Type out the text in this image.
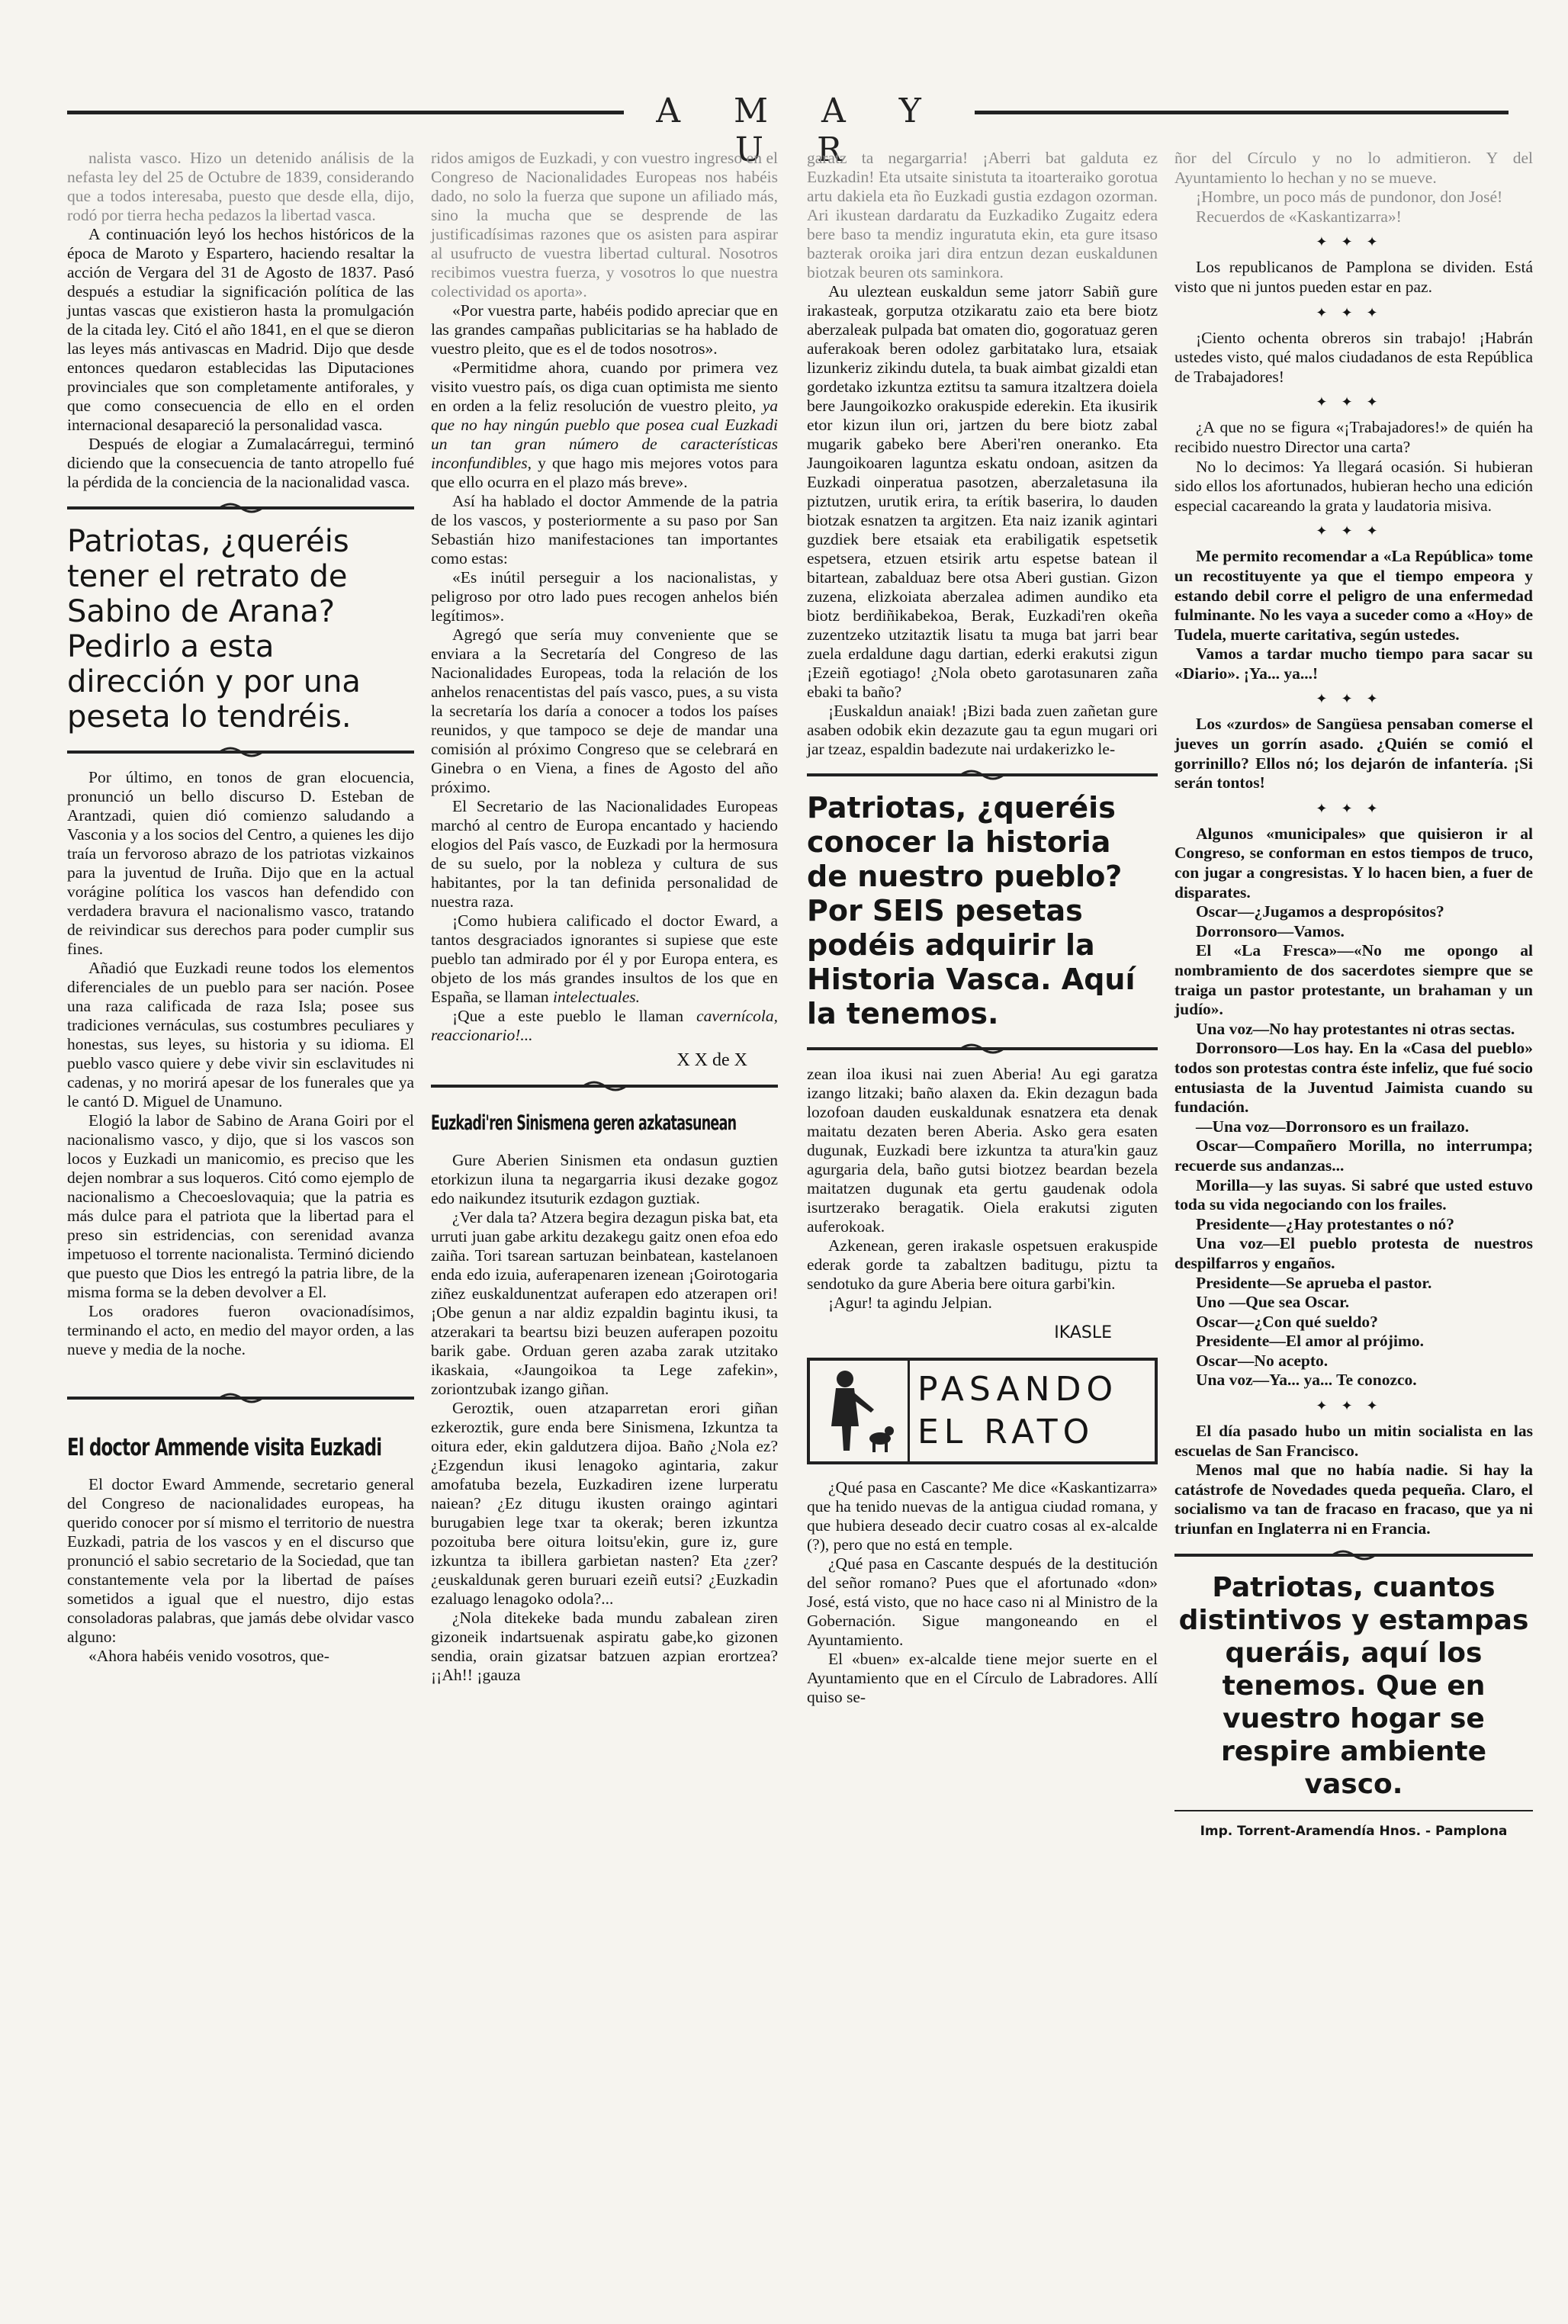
A M A Y U R

nalista vasco. Hizo un detenido análisis de la nefasta ley del 25 de Octubre de 1839, considerando que a todos interesaba, puesto que desde ella, dijo, rodó por tierra hecha pedazos la libertad vasca.

A continuación leyó los hechos históricos de la época de Maroto y Espartero, haciendo resaltar la acción de Vergara del 31 de Agosto de 1837. Pasó después a estudiar la significación política de las juntas vascas que existieron hasta la promulgación de la citada ley. Citó el año 1841, en el que se dieron las leyes más antivascas en Madrid. Dijo que desde entonces quedaron establecidas las Diputaciones provinciales que son completamente antiforales, y que como consecuencia de ello en el orden internacional desapareció la personalidad vasca.

Después de elogiar a Zumalacárregui, terminó diciendo que la consecuencia de tanto atropello fué la pérdida de la conciencia de la nacionalidad vasca.

Patriotas, ¿queréis tener el retrato de Sabino de Arana? Pedirlo a esta dirección y por una peseta lo tendréis.

Por último, en tonos de gran elocuencia, pronunció un bello discurso D. Esteban de Arantzadi, quien dió comienzo saludando a Vasconia y a los socios del Centro, a quienes les dijo traía un fervoroso abrazo de los patriotas vizkainos para la juventud de Iruña. Dijo que en la actual vorágine política los vascos han defendido con verdadera bravura el nacionalismo vasco, tratando de reivindicar sus derechos para poder cumplir sus fines.

Añadió que Euzkadi reune todos los elementos diferenciales de un pueblo para ser nación. Posee una raza calificada de raza Isla; posee sus tradiciones vernáculas, sus costumbres peculiares y honestas, sus leyes, su historia y su idioma. El pueblo vasco quiere y debe vivir sin esclavitudes ni cadenas, y no morirá apesar de los funerales que ya le cantó D. Miguel de Unamuno.

Elogió la labor de Sabino de Arana Goiri por el nacionalismo vasco, y dijo, que si los vascos son locos y Euzkadi un manicomio, es preciso que les dejen nombrar a sus loqueros. Citó como ejemplo de nacionalismo a Checoeslovaquia; que la patria es más dulce para el patriota que la libertad para el preso sin estridencias, con serenidad avanza impetuoso el torrente nacionalista. Terminó diciendo que puesto que Dios les entregó la patria libre, de la misma forma se la deben devolver a El.

Los oradores fueron ovacionadísimos, terminando el acto, en medio del mayor orden, a las nueve y media de la noche.

El doctor Ammende visita Euzkadi

El doctor Eward Ammende, secretario general del Congreso de nacionalidades europeas, ha querido conocer por sí mismo el territorio de nuestra Euzkadi, patria de los vascos y en el discurso que pronunció el sabio secretario de la Sociedad, que tan constantemente vela por la libertad de países sometidos a igual que el nuestro, dijo estas consoladoras palabras, que jamás debe olvidar vasco alguno:

«Ahora habéis venido vosotros, que-

ridos amigos de Euzkadi, y con vuestro ingreso en el Congreso de Nacionalidades Europeas nos habéis dado, no solo la fuerza que supone un afiliado más, sino la mucha que se desprende de las justificadísimas razones que os asisten para aspirar al usufructo de vuestra libertad cultural. Nosotros recibimos vuestra fuerza, y vosotros lo que nuestra colectividad os aporta».

«Por vuestra parte, habéis podido apreciar que en las grandes campañas publicitarias se ha hablado de vuestro pleito, que es el de todos nosotros».

«Permitidme ahora, cuando por primera vez visito vuestro país, os diga cuan optimista me siento en orden a la feliz resolución de vuestro pleito, ya que no hay ningún pueblo que posea cual Euzkadi un tan gran número de características inconfundibles, y que hago mis mejores votos para que ello ocurra en el plazo más breve».

Así ha hablado el doctor Ammende de la patria de los vascos, y posteriormente a su paso por San Sebastián hizo manifestaciones tan importantes como estas:

«Es inútil perseguir a los nacionalistas, y peligroso por otro lado pues recogen anhelos bién legítimos».

Agregó que sería muy conveniente que se enviara a la Secretaría del Congreso de las Nacionalidades Europeas, toda la relación de los anhelos renacentistas del país vasco, pues, a su vista la secretaría los daría a conocer a todos los países reunidos, y que tampoco se deje de mandar una comisión al próximo Congreso que se celebrará en Ginebra o en Viena, a fines de Agosto del año próximo.

El Secretario de las Nacionalidades Europeas marchó al centro de Europa encantado y haciendo elogios del País vasco, de Euzkadi por la hermosura de su suelo, por la nobleza y cultura de sus habitantes, por la tan definida personalidad de nuestra raza.

¡Como hubiera calificado el doctor Eward, a tantos desgraciados ignorantes si supiese que este pueblo tan admirado por él y por Europa entera, es objeto de los más grandes insultos de los que en España, se llaman intelectuales.

¡Que a este pueblo le llaman cavernícola, reaccionario!...

X X de X
Euzkadi'ren Sinismena geren azkatasunean

Gure Aberien Sinismen eta ondasun guztien etorkizun iluna ta negargarria ikusi dezake gogoz edo naikundez itsuturik ezdagon guztiak.

¿Ver dala ta? Atzera begira dezagun piska bat, eta urruti juan gabe arkitu dezakegu gaitz onen efoa edo zaiña. Tori tsarean sartuzan beinbatean, kastelanoen enda edo izuia, auferapenaren izenean ¡Goirotogaria ziñez euskaldunentzat auferapen edo atzerapen ori! ¡Obe genun a nar aldiz ezpaldin bagintu ikusi, ta atzerakari ta beartsu bizi beuzen auferapen pozoitu barik gabe. Orduan geren azaba zarak utzitako ikaskaia, «Jaungoikoa ta Lege zafekin», zoriontzubak izango giñan.

Geroztik, ouen atzaparretan erori giñan ezkeroztik, gure enda bere Sinismena, Izkuntza ta oitura eder, ekin galdutzera dijoa. Baño ¿Nola ez? ¿Ezgendun ikusi lenagoko agintaria, zakur amofatuba bezela, Euzkadiren izene lurperatu naiean? ¿Ez ditugu ikusten oraingo agintari burugabien lege txar ta okerak; beren izkuntza pozoituba bere oitura loitsu'ekin, gure iz, gure izkuntza ta ibillera garbietan nasten? Eta ¿zer? ¿euskaldunak geren buruari ezeiñ eutsi? ¿Euzkadin ezaluago lenagoko odola?...

¿Nola ditekeke bada mundu zabalean ziren gizoneik indartsuenak aspiratu gabe,ko gizonen sendia, orain gizatsar batzuen azpian erortzea? ¡¡Ah!! ¡gauza

garatz ta negargarria! ¡Aberri bat galduta ez Euzkadin! Eta utsaite sinistuta ta itoarteraiko gorotua artu dakiela eta ño Euzkadi gustia ezdagon ozorman. Ari ikustean dardaratu da Euzkadiko Zugaitz edera bere baso ta mendiz inguratuta ekin, eta gure itsaso bazterak oroika jari dira entzun dezan euskaldunen biotzak beuren ots saminkora.

Au uleztean euskaldun seme jatorr Sabiñ gure irakasteak, gorputza otzikaratu zaio eta bere biotz aberzaleak pulpada bat omaten dio, gogoratuaz geren auferakoak beren odolez garbitatako lura, etsaiak lizunkeriz zikindu dutela, ta buak aimbat gizaldi etan gordetako izkuntza eztitsu ta samura itzaltzera doiela bere Jaungoikozko orakuspide ederekin. Eta ikusirik etor kizun ilun ori, jartzen du bere biotz zabal mugarik gabeko bere Aberi'ren oneranko. Eta Jaungoikoaren laguntza eskatu ondoan, asitzen da Euzkadi oinperatua pasotzen, aberzaletasuna ila piztutzen, urutik erira, ta erítik baserira, lo dauden biotzak esnatzen ta argitzen. Eta naiz izanik agintari guzdiek bere etsaiak eta erabiligatik espetsetik espetsera, etzuen etsirik artu espetse batean il bitartean, zabalduaz bere otsa Aberi gustian. Gizon zuzena, elizkoiata aberzalea adimen aundiko eta biotz berdiñikabekoa, Berak, Euzkadi'ren okeña zuzentzeko utzitaztik lisatu ta muga bat jarri bear zuela erdaldune dagu dartian, ederki erakutsi zigun ¡Ezeiñ egotiago! ¿Nola obeto garotasunaren zaña ebaki ta baño?

¡Euskaldun anaiak! ¡Bizi bada zuen zañetan gure asaben odobik ekin dezazute gau ta egun mugari ori jar tzeaz, espaldin badezute nai urdakerizko le-

Patriotas, ¿queréis conocer la historia de nuestro pueblo? Por SEIS pesetas podéis adquirir la Historia Vasca. Aquí la tenemos.

zean iloa ikusi nai zuen Aberia! Au egi garatza izango litzaki; baño alaxen da. Ekin dezagun bada lozofoan dauden euskaldunak esnatzera eta denak maitatu dezaten beren Aberia. Asko gera esaten dugunak, Euzkadi bere izkuntza ta atura'kin gauz agurgaria dela, baño gutsi biotzez beardan bezela maitatzen dugunak eta gertu gaudenak odola isurtzerako beragatik. Oiela erakutsi ziguten auferokoak.

Azkenean, geren irakasle ospetsuen erakuspide ederak gorde ta zabaltzen baditugu, piztu ta sendotuko da gure Aberia bere oitura garbi'kin.

¡Agur! ta agindu Jelpian.

IKASLE
PASANDO
EL RATO

¿Qué pasa en Cascante? Me dice «Kaskantizarra» que ha tenido nuevas de la antigua ciudad romana, y que hubiera deseado decir cuatro cosas al ex-alcalde (?), pero que no está en temple.

¿Qué pasa en Cascante después de la destitución del señor romano? Pues que el afortunado «don» José, está visto, que no hace caso ni al Ministro de la Gobernación. Sigue mangoneando en el Ayuntamiento.

El «buen» ex-alcalde tiene mejor suerte en el Ayuntamiento que en el Círculo de Labradores. Allí quiso se-

ñor del Círculo y no lo admitieron. Y del Ayuntamiento lo hechan y no se mueve.

¡Hombre, un poco más de pundonor, don José!

Recuerdos de «Kaskantizarra»!

✦✦✦

Los republicanos de Pamplona se dividen. Está visto que ni juntos pueden estar en paz.

✦✦✦

¡Ciento ochenta obreros sin trabajo! ¡Habrán ustedes visto, qué malos ciudadanos de esta República de Trabajadores!

✦✦✦

¿A que no se figura «¡Trabajadores!» de quién ha recibido nuestro Director una carta?

No lo decimos: Ya llegará ocasión. Si hubieran sido ellos los afortunados, hubieran hecho una edición especial cacareando la grata y laudatoria misiva.

✦✦✦

Me permito recomendar a «La República» tome un recostituyente ya que el tiempo empeora y estando debil corre el peligro de una enfermedad fulminante. No les vaya a suceder como a «Hoy» de Tudela, muerte caritativa, según ustedes.

Vamos a tardar mucho tiempo para sacar su «Diario». ¡Ya... ya...!

✦✦✦

Los «zurdos» de Sangüesa pensaban comerse el jueves un gorrín asado. ¿Quién se comió el gorrinillo? Ellos nó; los dejarón de infantería. ¡Si serán tontos!

✦✦✦

Algunos «municipales» que quisieron ir al Congreso, se conforman en estos tiempos de truco, con jugar a congresistas. Y lo hacen bien, a fuer de disparates.

Oscar—¿Jugamos a despropósitos?

Dorronsoro—Vamos.

El «La Fresca»—«No me opongo al nombramiento de dos sacerdotes siempre que se traiga un pastor protestante, un brahaman y un judío».

Una voz—No hay protestantes ni otras sectas.

Dorronsoro—Los hay. En la «Casa del pueblo» todos son protestas contra éste infeliz, que fué socio entusiasta de la Juventud Jaimista cuando su fundación.

—Una voz—Dorronsoro es un frailazo.

Oscar—Compañero Morilla, no interrumpa; recuerde sus andanzas...

Morilla—y las suyas. Si sabré que usted estuvo toda su vida negociando con los frailes.

Presidente—¿Hay protestantes o nó?

Una voz—El pueblo protesta de nuestros despilfarros y engaños.

Presidente—Se aprueba el pastor.

Uno —Que sea Oscar.

Oscar—¿Con qué sueldo?

Presidente—El amor al prójimo.

Oscar—No acepto.

Una voz—Ya... ya... Te conozco.

✦✦✦

El día pasado hubo un mitin socialista en las escuelas de San Francisco.

Menos mal que no había nadie. Si hay la catástrofe de Novedades queda pequeña. Claro, el socialismo va tan de fracaso en fracaso, que ya ni triunfan en Inglaterra ni en Francia.

Patriotas, cuantos distintivos y estampas queráis, aquí los tenemos. Que en vuestro hogar se respire ambiente vasco.
Imp. Torrent-Aramendía Hnos. - Pamplona
